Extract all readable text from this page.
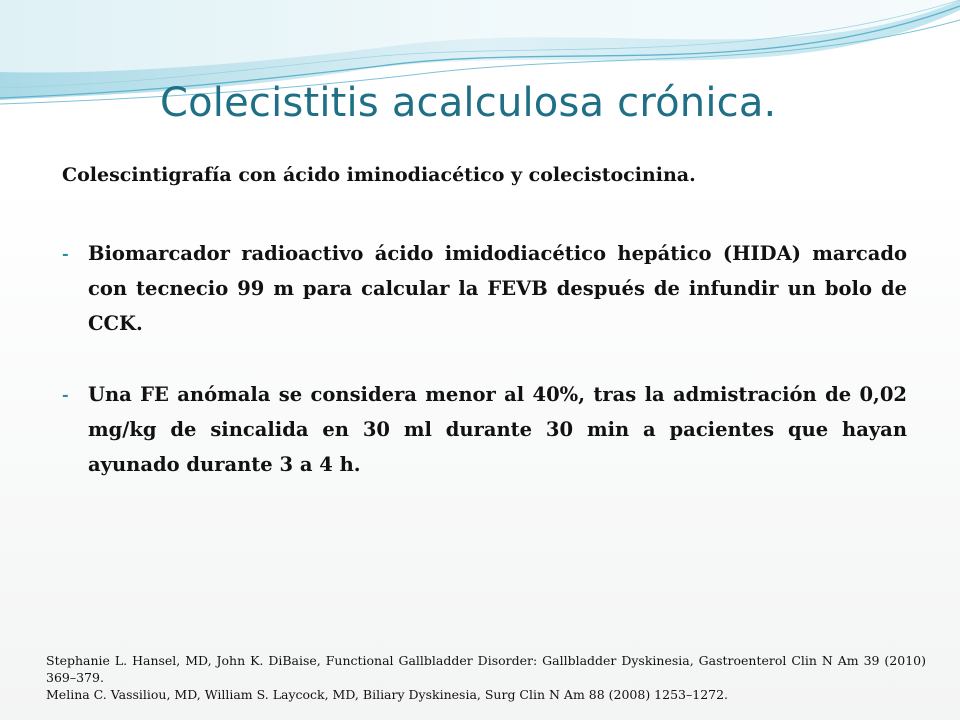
Colecistitis acalculosa crónica.
Colescintigrafía con ácido iminodiacético y colecistocinina.
- Biomarcador radioactivo ácido imidodiacético hepático (HIDA) marcado con tecnecio 99 m para calcular la FEVB después de infundir un bolo de CCK.
- Una FE anómala se considera menor al 40%, tras la admistración de 0,02 mg/kg de sincalida en 30 ml durante 30 min a pacientes que hayan ayunado durante 3 a 4 h.
Stephanie L. Hansel, MD, John K. DiBaise, Functional Gallbladder Disorder: Gallbladder Dyskinesia, Gastroenterol Clin N Am 39 (2010) 369–379.
Melina C. Vassiliou, MD, William S. Laycock, MD, Biliary Dyskinesia, Surg Clin N Am 88 (2008) 1253–1272.
